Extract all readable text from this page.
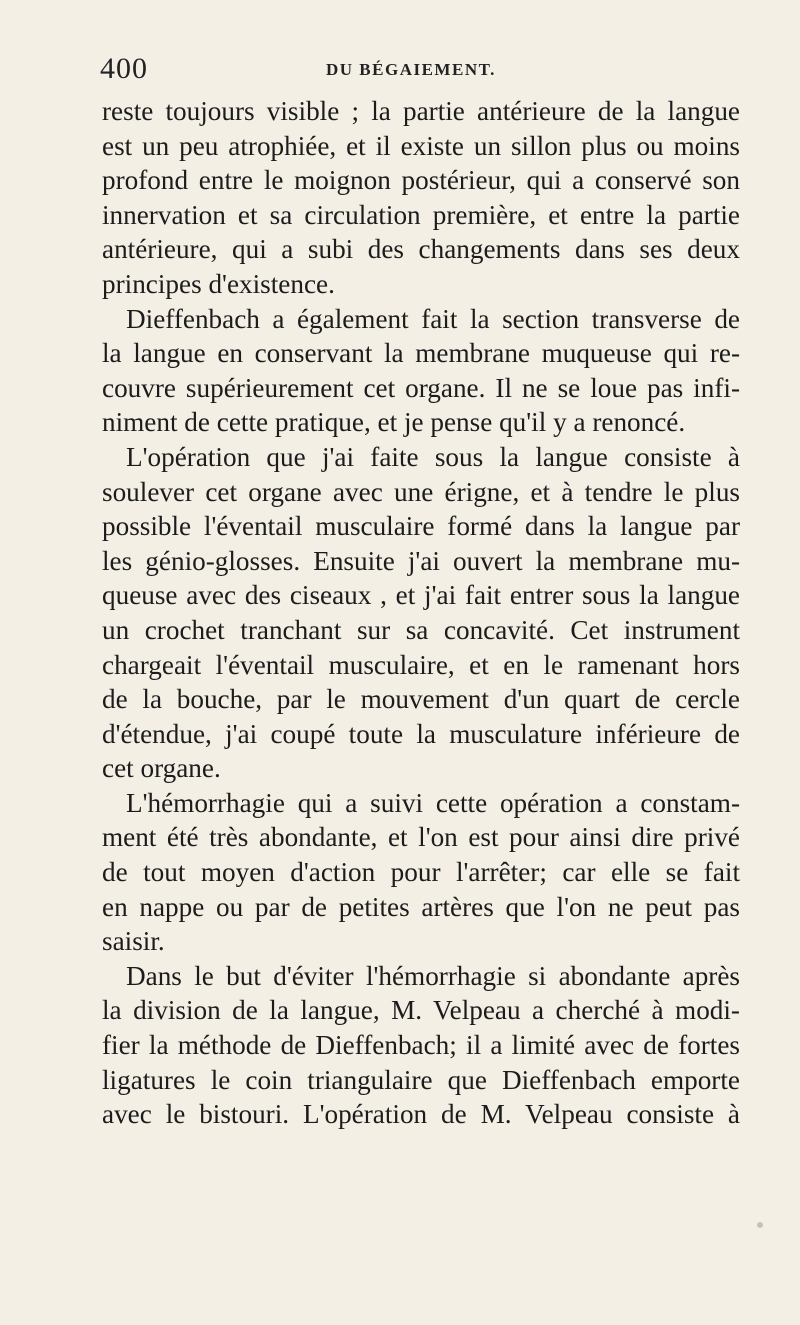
400	DU BÉGAIEMENT.
reste toujours visible ; la partie antérieure de la langue
est un peu atrophiée, et il existe un sillon plus ou moins
profond entre le moignon postérieur, qui a conservé son
innervation et sa circulation première, et entre la partie
antérieure, qui a subi des changements dans ses deux
principes d'existence.
Dieffenbach a également fait la section transverse de
la langue en conservant la membrane muqueuse qui re-
couvre supérieurement cet organe. Il ne se loue pas infi-
niment de cette pratique, et je pense qu'il y a renoncé.
L'opération que j'ai faite sous la langue consiste à
soulever cet organe avec une érigne, et à tendre le plus
possible l'éventail musculaire formé dans la langue par
les génio-glosses. Ensuite j'ai ouvert la membrane mu-
queuse avec des ciseaux , et j'ai fait entrer sous la langue
un crochet tranchant sur sa concavité. Cet instrument
chargeait l'éventail musculaire, et en le ramenant hors
de la bouche, par le mouvement d'un quart de cercle
d'étendue, j'ai coupé toute la musculature inférieure de
cet organe.
L'hémorrhagie qui a suivi cette opération a constam-
ment été très abondante, et l'on est pour ainsi dire privé
de tout moyen d'action pour l'arrêter; car elle se fait
en nappe ou par de petites artères que l'on ne peut pas
saisir.
Dans le but d'éviter l'hémorrhagie si abondante après
la division de la langue, M. Velpeau a cherché à modi-
fier la méthode de Dieffenbach; il a limité avec de fortes
ligatures le coin triangulaire que Dieffenbach emporte
avec le bistouri. L'opération de M. Velpeau consiste à
